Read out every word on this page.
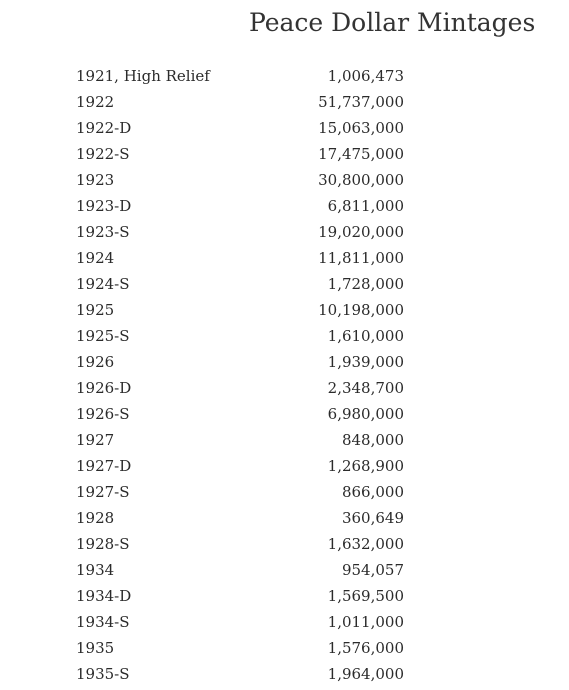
Peace Dollar Mintages
1921, High Relief	1,006,473
1922	51,737,000
1922-D	15,063,000
1922-S	17,475,000
1923	30,800,000
1923-D	6,811,000
1923-S	19,020,000
1924	11,811,000
1924-S	1,728,000
1925	10,198,000
1925-S	1,610,000
1926	1,939,000
1926-D	2,348,700
1926-S	6,980,000
1927	848,000
1927-D	1,268,900
1927-S	866,000
1928	360,649
1928-S	1,632,000
1934	954,057
1934-D	1,569,500
1934-S	1,011,000
1935	1,576,000
1935-S	1,964,000
